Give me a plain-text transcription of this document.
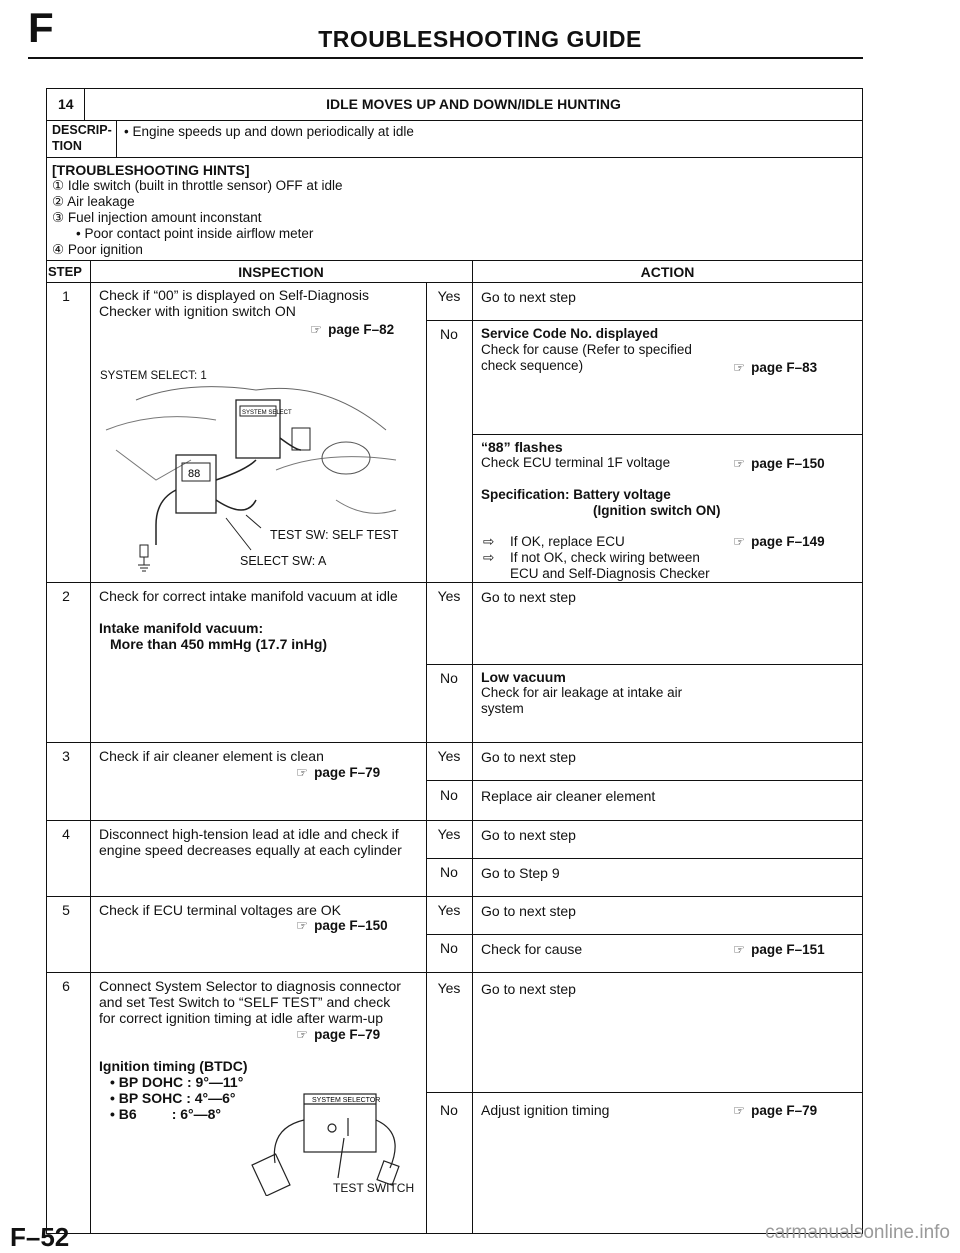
F	TROUBLESHOOTING GUIDE
14	IDLE MOVES UP AND DOWN/IDLE HUNTING
DESCRIP-
TION
• Engine speeds up and down periodically at idle
[TROUBLESHOOTING HINTS]
① Idle switch (built in throttle sensor) OFF at idle
② Air leakage
③ Fuel injection amount inconstant
• Poor contact point inside airflow meter
④ Poor ignition
STEP	INSPECTION	ACTION
1	Check if “00” is displayed on Self-Diagnosis
Checker with ignition switch ON
☞ page F–82
88
SYSTEM SELECT
SYSTEM SELECT: 1
TEST SW: SELF TEST
SELECT SW: A
Yes	Go to next step
No	Service Code No. displayed
Check for cause (Refer to specified
check sequence)	☞ page F–83
“88” flashes
Check ECU terminal 1F voltage	☞ page F–150
Specification: Battery voltage
(Ignition switch ON)
⇨ If OK, replace ECU	☞ page F–149
⇨ If not OK, check wiring between
ECU and Self-Diagnosis Checker
2	Check for correct intake manifold vacuum at idle
Intake manifold vacuum:
More than 450 mmHg (17.7 inHg)
Yes	Go to next step
No	Low vacuum
Check for air leakage at intake air
system
3	Check if air cleaner element is clean
☞ page F–79
Yes	Go to next step
No	Replace air cleaner element
4	Disconnect high-tension lead at idle and check if
engine speed decreases equally at each cylinder
Yes	Go to next step
No	Go to Step 9
5	Check if ECU terminal voltages are OK
☞ page F–150
Yes	Go to next step
No	Check for cause	☞ page F–151
6	Connect System Selector to diagnosis connector
and set Test Switch to “SELF TEST” and check
for correct ignition timing at idle after warm-up
☞ page F–79
Ignition timing (BTDC)
• BP DOHC : 9°—11°
• BP SOHC : 4°—6°
• B6         : 6°—8°
SYSTEM SELECTOR
TEST SWITCH
Yes	Go to next step
No	Adjust ignition timing	☞ page F–79
F–52	carmanualsonline.info
